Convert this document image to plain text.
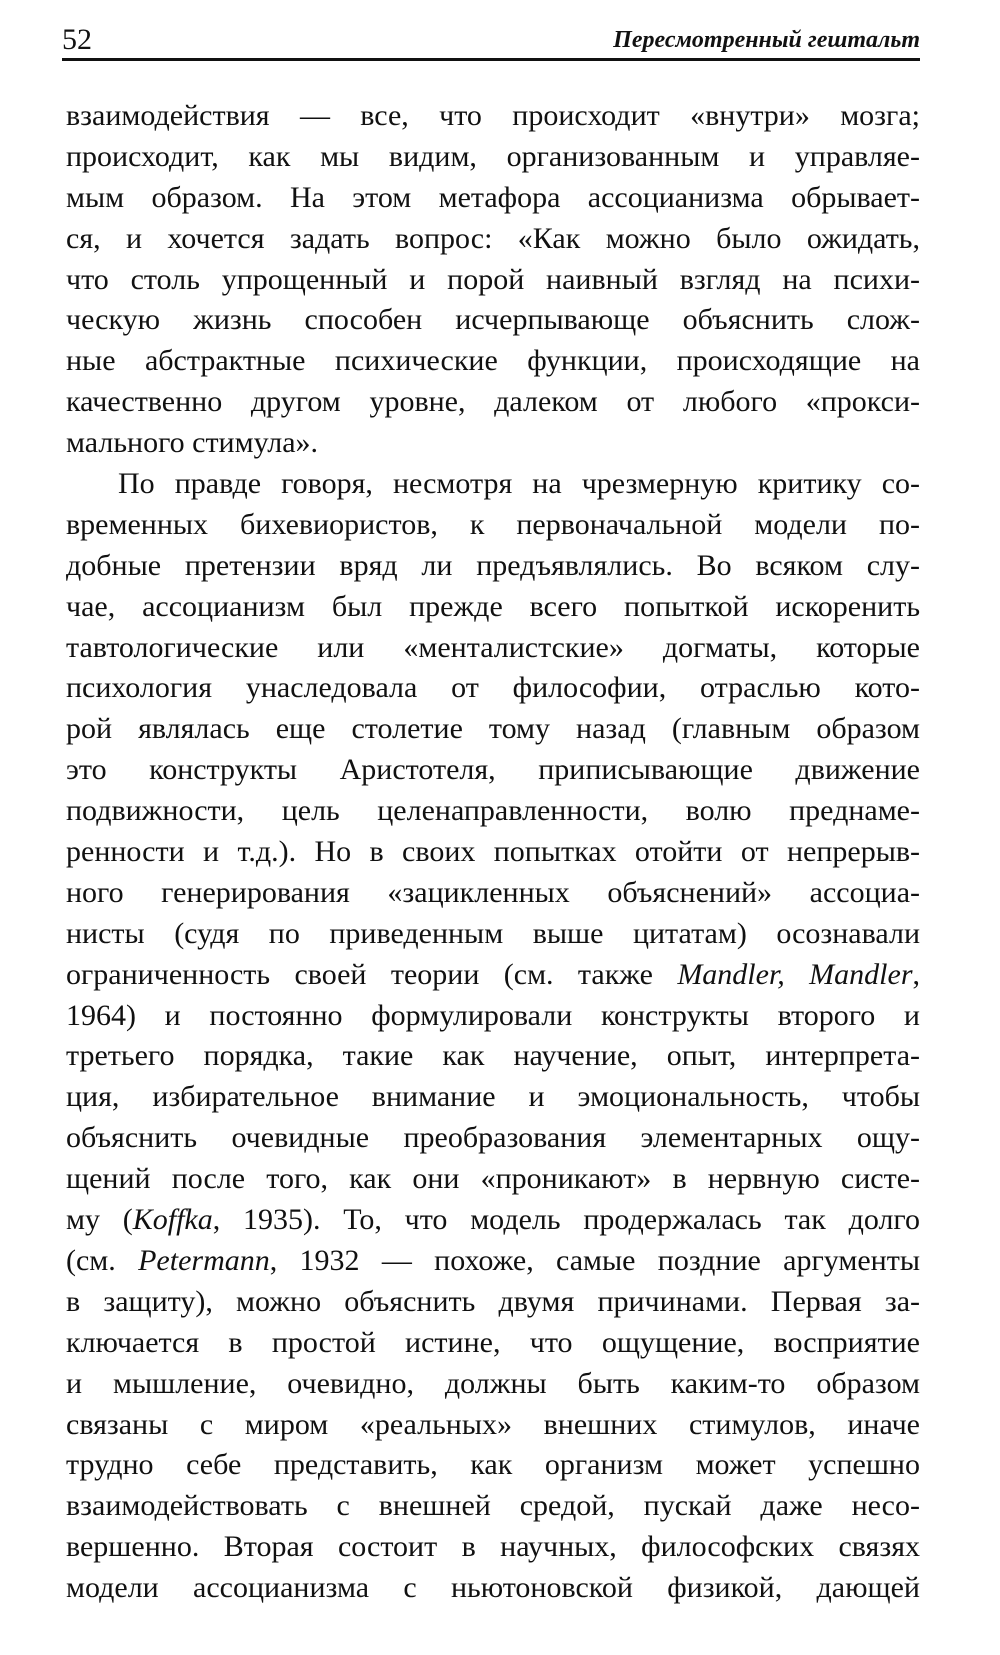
52	Пересмотренный гештальт
взаимодействия — все, что происходит «внутри» мозга;
происходит, как мы видим, организованным и управляе-
мым образом. На этом метафора ассоцианизма обрывает-
ся, и хочется задать вопрос: «Как можно было ожидать,
что столь упрощенный и порой наивный взгляд на психи-
ческую жизнь способен исчерпывающе объяснить слож-
ные абстрактные психические функции, происходящие на
качественно другом уровне, далеком от любого «прокси-
мального стимула».
По правде говоря, несмотря на чрезмерную критику со-
временных бихевиористов, к первоначальной модели по-
добные претензии вряд ли предъявлялись. Во всяком слу-
чае, ассоцианизм был прежде всего попыткой искоренить
тавтологические или «менталистские» догматы, которые
психология унаследовала от философии, отраслью кото-
рой являлась еще столетие тому назад (главным образом
это конструкты Аристотеля, приписывающие движение
подвижности, цель целенаправленности, волю преднаме-
ренности и т.д.). Но в своих попытках отойти от непрерыв-
ного генерирования «зацикленных объяснений» ассоциа-
нисты (судя по приведенным выше цитатам) осознавали
ограниченность своей теории (см. также Mandler, Mandler,
1964) и постоянно формулировали конструкты второго и
третьего порядка, такие как научение, опыт, интерпрета-
ция, избирательное внимание и эмоциональность, чтобы
объяснить очевидные преобразования элементарных ощу-
щений после того, как они «проникают» в нервную систе-
му (Koffka, 1935). То, что модель продержалась так долго
(см. Petermann, 1932 — похоже, самые поздние аргументы
в защиту), можно объяснить двумя причинами. Первая за-
ключается в простой истине, что ощущение, восприятие
и мышление, очевидно, должны быть каким-то образом
связаны с миром «реальных» внешних стимулов, иначе
трудно себе представить, как организм может успешно
взаимодействовать с внешней средой, пускай даже несо-
вершенно. Вторая состоит в научных, философских связях
модели ассоцианизма с ньютоновской физикой, дающей
